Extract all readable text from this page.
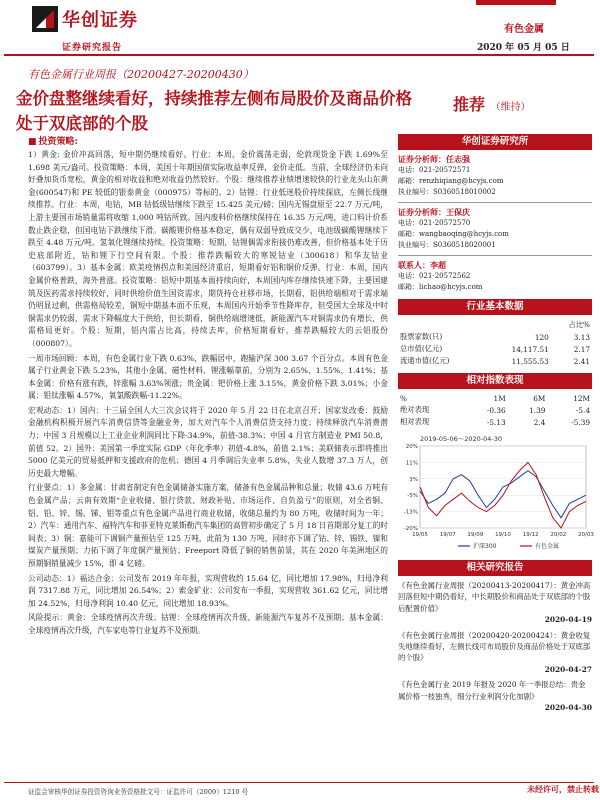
华创证券
证券研究报告
有色金属
2020 年 05 月 05 日
有色金属行业周报（20200427-20200430）
金价盘整继续看好，持续推荐左侧布局股价及商品价格处于双底部的个股
推荐 （维持）
■ 投资策略:

1）黄金: 金价冲高回落，短中期仍继续看好。行业：本周，金价震荡走弱，伦敦现货金下跌 1.69%至 1,698 美元/盎司。投资策略：本周，美国十年期国债实际收益率反弹，金价走低。当前，全球经济仍未向好叠加货币宽松，黄金的相对收益和绝对收益仍然较好。个股：继续推荐业绩增速较快的行业龙头山东黄金(600547)和 PE 较低的银泰黄金（000975）等标的。2）钴锂：行业低迷股价持续探底，左侧长线继续推荐。行业：本周，电钴，MB 钴低级钴继续下跌至 15.425 美元/磅；国内无锡盘原至 22.7 万元/吨，上游主要国市场销量需将收缩 1,000 吨钴所致。国内废料价格继续保持在 16.35 万元/吨，进口料计价系数止跌企稳，但国电钴下跌继续下滑。碳酸锂价格基本稳定，偶有双弱导致成交少，电池级碳酸锂继续下跌至 4.48 万元/吨。氢氧化锂继续持续。投资策略：短期，钴锂偶需求衔接仍难改善，但价格基本处于历史底部附近，钴和锂下行空间有限。个股：推荐跌幅较大的寒锐钴业（300618）和华友钴业（603799）。3）基本金属：欧美疫情拐点和美国经济重启，短期看好铝和铜价反弹。行业：本周，国内金属价格普跌，海外普涨。投资策略：铝短中期基本面持续向好，本周国内库存继续快速下降，主要国建筑及医药需求持续较好，同时供给价值生国资需求，期货持仓社移市场，长期看，铝供给端相对于需求端仍明显过剩，供需格局较差，铜短中期基本面不乐观，本周国内开始季节性降库存，但受国大全球及中时铜需求仍较弱，需求下降幅度大于供给，但长期看，铜供给端增速低，新能源汽车对铜需求仍有增长，供需格局更好。个股：短期，铝内需占比高，持续去库，价格短期看好，推荐跌幅较大的云铝股份（000807）。

一周市场回顾：本周，有色金属行业下跌 0.63%，跌幅居中，跑输沪深 300 3.67 个百分点。本周有色金属子行业黄金下跌 5.23%，其他小金属、磁性材料、锂涨幅靠前，分别为 2.65%、1.55%、1.41%；基本金属：价格有涨有跌，锌涨幅 3.63%领涨；贵金属：钯价格上涨 3.15%，黄金价格下跌 3.01%；小金属：钼钛涨幅 4.57%，氧氯酸跌幅-11.22%。

宏观动态：1）国内：十三届全国人大三次会议将于 2020 年 5 月 22 日在北京召开；国家发改委：鼓励金融机构积极开展汽车消费信贷等金融业务，加大对汽车个人消费信贷支持力度；持续释放汽车消费潜力；中国 3 月规模以上工业企业利润同比下降-34.9%，前值-38.3%；中国 4 月官方制造业 PMI 50.8，前值 52。2）国外：美国第一季度实际 GDP（年化季率）初值-4.8%，前值 2.1%；美联储表示即将推出 5000 亿美元的贸易抵押和支援政府的危机；德国 4 月季调后失业率 5.8%，失业人数增 37.3 万人，创历史最大增幅。

行业要点：1）多金属：甘肃省制定有色金属储备实施方案，储备有色金属品种和总量；收储 43.6 万吨有色金属产品；云南有效期“企业收储、银行贷款、财政补贴、市场运作、自负盈亏”的原则，对全省铜、铝、铅、锌、锡、锑、钼等重点有色金属产品进行商业收储，收储总量约为 80 万吨，收储时间为一年；2）汽车：通用汽车、福特汽车和菲亚特克莱斯勒汽车集团的高管初步确定了 5 月 18 日首期部分复工的时间表；3）铜：嘉能可下调铜产量预估至 125 万吨，此前为 130 万吨，同时亦下调了钴、锌、锡铁、镍和煤炭产量预期；力拓下调了年度铜产量预估；Freeport 降低了铜的销售前景，其在 2020 年美洲地区的预期铜销量减少 15%，即 4 亿磅。

公司动态：1）福达合金：公司发布 2019 年年报，实现营收约 15.64 亿，同比增加 17.98%，归母净利润 7317.88 万元，同比增加 26.54%；2）索金矿业：公司发布一季报，实现营收 361.62 亿元，同比增加 24.52%，归母净利润 10.40 亿元，同比增加 18.93%。

风险提示：黄金：全球疫情再次升级；钴锂：全球疫情再次升级、新能源汽车复苏不及预期；基本金属：全球疫情再次升级，汽车家电等行业复苏不及预期。

华创证券研究所
证券分析师：任志强
电话：021-20572571
邮箱：renzhiqiang@hcyjs.com
执业编号：S0360518010002
证券分析师：王保庆
电话：021-20572570
邮箱：wangbaoqing@hcyjs.com
执业编号：S0360518020001
联系人：李超
电话：021-20572562
邮箱：lichao@hcyjs.com
行业基本数据
		占比%
股票家数(只)	120	3.13
总市值(亿元)	14,117.51	2.17
流通市值(亿元)	11,555.53	2.41
相对指数表现
%	1M	6M	12M
绝对表现	-0.36	1.39	-5.4
相对表现	-5.13	2.4	-5.39
2019-05-06～2020-04-30
20%
11%
3%
-5%
-13%
-20%
19/05 19/07 19/09 19/10 19/12 20/02 20/03
沪深300	有色金属
相关研究报告
《有色金属行业周报（20200413-20200417）：黄金冲高回落但短中期仍看好，中长期股价和商品处于双底部的个股后配置价值》
2020-04-19
《有色金属行业周报（20200420-20200424）：黄金收复失地继续看好，左侧长线可布局股价及商品价格处于双底部的个股》
2020-04-27
《有色金属行业 2019 年报及 2020 年一季报总结：贵金属价格一枝独秀，细分行业利润分化加剧》
2020-04-30
证监会审核华创证券投资咨询业务资格批文号：证监许可（2009）1210 号	未经许可，禁止转载
